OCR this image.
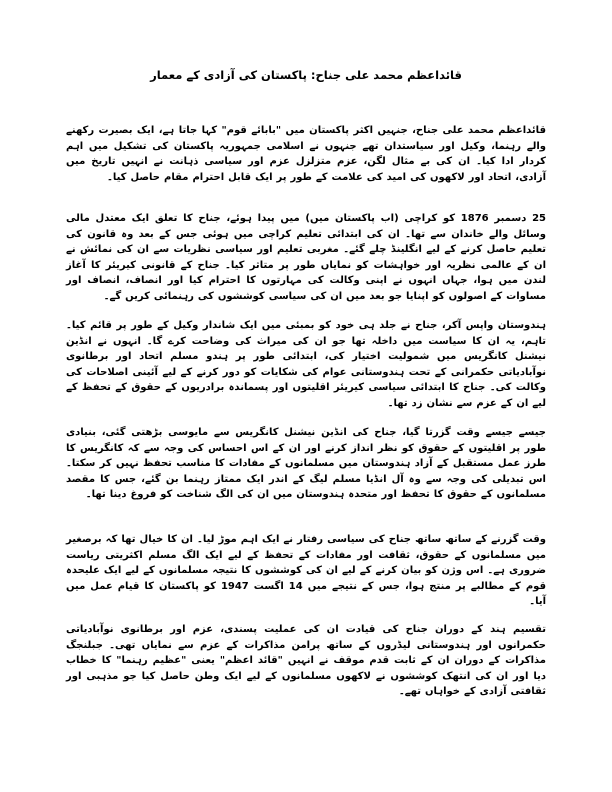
قائداعظم محمد علی جناح: پاکستان کی آزادی کے معمار

قائداعظم محمد علی جناح، جنہیں اکثر پاکستان میں "بابائے قوم" کہا جاتا ہے، ایک بصیرت رکھنے والے رہنما، وکیل اور سیاستدان تھے جنہوں نے اسلامی جمہوریہ پاکستان کی تشکیل میں اہم کردار ادا کیا۔ ان کی بے مثال لگن، عزم متزلزل عزم اور سیاسی ذہانت نے انہیں تاریخ میں آزادی، اتحاد اور لاکھوں کی امید کی علامت کے طور پر ایک قابل احترام مقام حاصل کیا۔

25 دسمبر 1876 کو کراچی (اب پاکستان میں) میں پیدا ہوئے، جناح کا تعلق ایک معتدل مالی وسائل والے خاندان سے تھا۔ ان کی ابتدائی تعلیم کراچی میں ہوئی جس کے بعد وہ قانون کی تعلیم حاصل کرنے کے لیے انگلینڈ چلے گئے۔ مغربی تعلیم اور سیاسی نظریات سے ان کی نمائش نے ان کے عالمی نظریہ اور خواہشات کو نمایاں طور پر متاثر کیا۔ جناح کے قانونی کیریئر کا آغاز لندن میں ہوا، جہاں انہوں نے اپنی وکالت کی مہارتوں کا احترام کیا اور انصاف، انصاف اور مساوات کے اصولوں کو اپنایا جو بعد میں ان کی سیاسی کوششوں کی رہنمائی کریں گے۔

ہندوستان واپس آکر، جناح نے جلد ہی خود کو بمبئی میں ایک شاندار وکیل کے طور پر قائم کیا۔ تاہم، یہ ان کا سیاست میں داخلہ تھا جو ان کی میراث کی وضاحت کرے گا۔ انہوں نے انڈین نیشنل کانگریس میں شمولیت اختیار کی، ابتدائی طور پر ہندو مسلم اتحاد اور برطانوی نوآبادیاتی حکمرانی کے تحت ہندوستانی عوام کی شکایات کو دور کرنے کے لیے آئینی اصلاحات کی وکالت کی۔ جناح کا ابتدائی سیاسی کیریئر اقلیتوں اور پسماندہ برادریوں کے حقوق کے تحفظ کے لیے ان کے عزم سے نشان زد تھا۔

جیسے جیسے وقت گزرتا گیا، جناح کی انڈین نیشنل کانگریس سے مایوسی بڑھتی گئی، بنیادی طور پر اقلیتوں کے حقوق کو نظر انداز کرنے اور ان کے اس احساس کی وجہ سے کہ کانگریس کا طرز عمل مستقبل کے آزاد ہندوستان میں مسلمانوں کے مفادات کا مناسب تحفظ نہیں کر سکتا۔ اس تبدیلی کی وجہ سے وہ آل انڈیا مسلم لیگ کے اندر ایک ممتاز رہنما بن گئے، جس کا مقصد مسلمانوں کے حقوق کا تحفظ اور متحدہ ہندوستان میں ان کی الگ شناخت کو فروغ دینا تھا۔

وقت گزرنے کے ساتھ ساتھ جناح کی سیاسی رفتار نے ایک اہم موڑ لیا۔ ان کا خیال تھا کہ برصغیر میں مسلمانوں کے حقوق، ثقافت اور مفادات کے تحفظ کے لیے ایک الگ مسلم اکثریتی ریاست ضروری ہے۔ اس وژن کو بیان کرنے کے لیے ان کی کوششوں کا نتیجہ مسلمانوں کے لیے ایک علیحدہ قوم کے مطالبے پر منتج ہوا، جس کے نتیجے میں 14 اگست 1947 کو پاکستان کا قیام عمل میں آیا۔

تقسیم ہند کے دوران جناح کی قیادت ان کی عملیت پسندی، عزم اور برطانوی نوآبادیاتی حکمرانوں اور ہندوستانی لیڈروں کے ساتھ پرامن مذاکرات کے عزم سے نمایاں تھی۔ جبلنجگ مذاکرات کے دوران ان کے ثابت قدم موقف نے انہیں "قائد اعظم" یعنی "عظیم رہنما" کا خطاب دیا اور ان کی انتھک کوششوں نے لاکھوں مسلمانوں کے لیے ایک وطن حاصل کیا جو مذہبی اور ثقافتی آزادی کے خواہاں تھے۔
